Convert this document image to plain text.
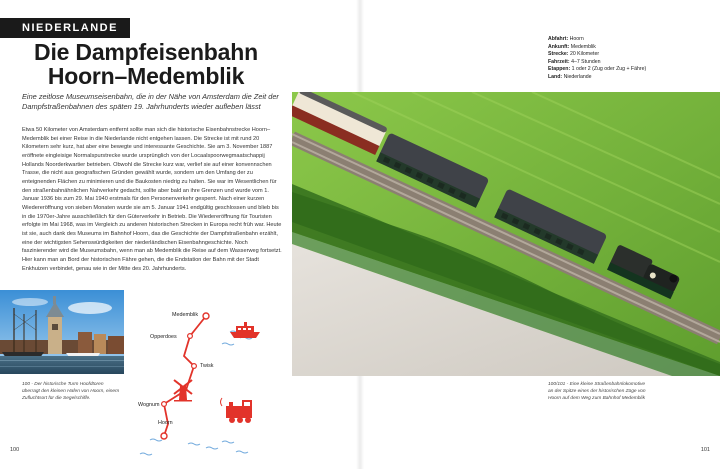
NIEDERLANDE
Die Dampfeisenbahn
Hoorn–Medemblik

Eine zeitlose Museumseisenbahn, die in der Nähe von Amsterdam die Zeit der Dampfstraßenbahnen des späten 19. Jahrhunderts wieder aufleben lässt

Etwa 50 Kilometer von Amsterdam entfernt sollte man sich die historische Eisenbahnstrecke Hoorn–Medemblik bei einer Reise in die Niederlande nicht entgehen lassen. Die Strecke ist mit rund 20 Kilometern sehr kurz, hat aber eine bewegte und interessante Geschichte. Sie am 3. November 1887 eröffnete eingleisige Normalspurstrecke wurde ursprünglich von der Locaalspoorwegmaatschappij Hollands Noorderkwartier betrieben. Obwohl die Strecke kurz war, verlief sie auf einer konvennschen Trasse, die nicht aus geografischen Gründen gewählt wurde, sondern um den Umfang der zu enteignenden Flächen zu minimieren und die Baukosten niedrig zu halten. Sie war im Wesentlichen für den straßenbahnähnlichen Nahverkehr gedacht, sollte aber bald an ihre Grenzen und wurde vom 1. Januar 1936 bis zum 29. Mai 1940 erstmals für den Personenverkehr gesperrt. Nach einer kurzen Wiedereröffnung von sieben Monaten wurde sie am 5. Januar 1941 endgültig geschlossen und blieb bis in die 1970er-Jahre ausschließlich für den Güterverkehr in Betrieb. Die Wiedereröffnung für Touristen erfolgte im Mai 1968, was im Vergleich zu anderen historischen Strecken in Europa recht früh war. Heute ist sie, auch dank des Museums im Bahnhof Hoorn, das die Geschichte der Dampfstraßenbahn erzählt, eine der wichtigsten Sehenswürdigkeiten der niederländischen Eisenbahngeschichte. Noch faszinierender wird die Museumsbahn, wenn man ab Medemblik die Reise auf dem Wasserweg fortsetzt. Hier kann man an Bord der historischen Fähre gehen, die die Endstation der Bahn mit der Stadt Enkhuizen verbindet, genau wie in der Mitte des 20. Jahrhunderts.

100 - Der historische Turm Hoofdtoren überragt den kleinen Hafen von Hoorn, einem Zufluchtsort für die Segelschiffe.

Medemblik
Opperdoes
Twisk
Wognum
Hoorn
100
Abfahrt: Hoorn
Ankunft: Medemblik
Strecke: 20 Kilometer
Fahrzeit: 4–7 Stunden
Etappen: 1 oder 2 (Zug oder Zug + Fähre)
Land: Niederlande

100/101 - Eine kleine Straßenbahnlokomotive an der Spitze eines der historischen Züge von Hoorn auf dem Weg zum Bahnhof Medemblik

101
